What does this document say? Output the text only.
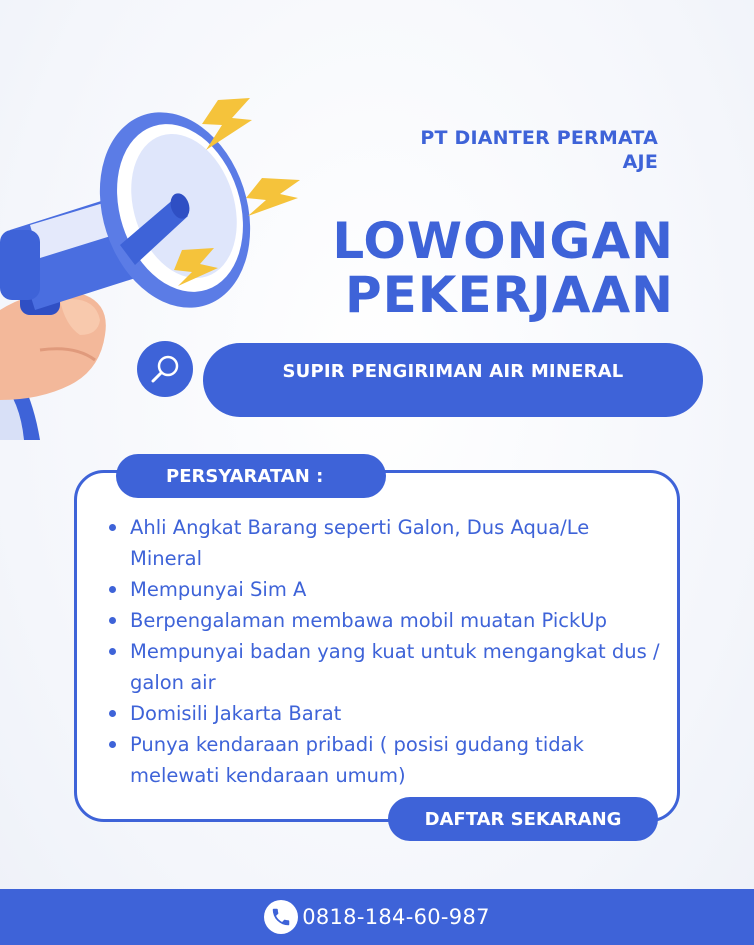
PT DIANTER PERMATA
AJE
LOWONGAN
PEKERJAAN
SUPIR PENGIRIMAN AIR MINERAL
PERSYARATAN :
Ahli Angkat Barang seperti Galon, Dus Aqua/Le Mineral
Mempunyai Sim A
Berpengalaman membawa mobil muatan PickUp
Mempunyai badan yang kuat untuk mengangkat dus / galon air
Domisili Jakarta Barat
Punya kendaraan pribadi ( posisi gudang tidak melewati kendaraan umum)
DAFTAR SEKARANG
0818-184-60-987
